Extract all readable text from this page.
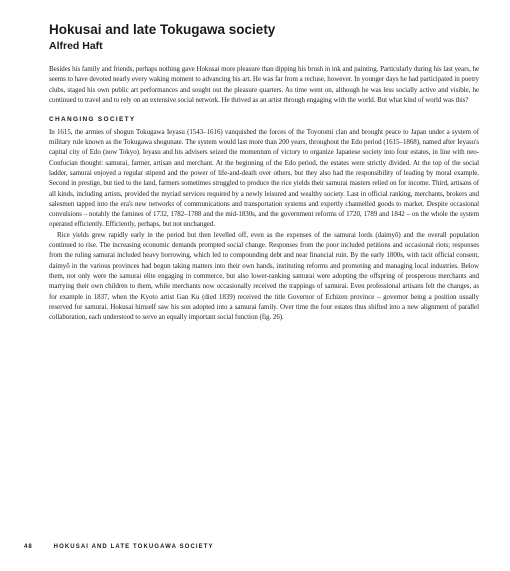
Hokusai and late Tokugawa society
Alfred Haft

Besides his family and friends, perhaps nothing gave Hokusai more pleasure than dipping his brush in ink and painting. Particularly during his last years, he seems to have devoted nearly every waking moment to advancing his art. He was far from a recluse, however. In younger days he had participated in poetry clubs, staged his own public art performances and sought out the pleasure quarters. As time went on, although he was less socially active and visible, he continued to travel and to rely on an extensive social network. He thrived as an artist through engaging with the world. But what kind of world was this?

CHANGING SOCIETY

In 1615, the armies of shogun Tokugawa Ieyasu (1543–1616) vanquished the forces of the Toyotomi clan and brought peace to Japan under a system of military rule known as the Tokugawa shogunate. The system would last more than 200 years, throughout the Edo period (1615–1868), named after Ieyasu's capital city of Edo (now Tokyo). Ieyasu and his advisers seized the momentum of victory to organize Japanese society into four estates, in line with neo-Confucian thought: samurai, farmer, artisan and merchant. At the beginning of the Edo period, the estates were strictly divided. At the top of the social ladder, samurai enjoyed a regular stipend and the power of life-and-death over others, but they also had the responsibility of leading by moral example. Second in prestige, but tied to the land, farmers sometimes struggled to produce the rice yields their samurai masters relied on for income. Third, artisans of all kinds, including artists, provided the myriad services required by a newly leisured and wealthy society. Last in official ranking, merchants, brokers and salesmen tapped into the era's new networks of communications and transportation systems and expertly channelled goods to market. Despite occasional convulsions – notably the famines of 1732, 1782–1788 and the mid-1830s, and the government reforms of 1720, 1789 and 1842 – on the whole the system operated efficiently. Efficiently, perhaps, but not unchanged.

Rice yields grew rapidly early in the period but then levelled off, even as the expenses of the samurai lords (daimyō) and the overall population continued to rise. The increasing economic demands prompted social change. Responses from the poor included petitions and occasional riots; responses from the ruling samurai included heavy borrowing, which led to compounding debt and near financial ruin. By the early 1800s, with tacit official consent, daimyō in the various provinces had begun taking matters into their own hands, instituting reforms and promoting and managing local industries. Below them, not only were the samurai elite engaging in commerce, but also lower-ranking samurai were adopting the offspring of prosperous merchants and marrying their own children to them, while merchants now occasionally received the trappings of samurai. Even professional artisans felt the changes, as for example in 1837, when the Kyoto artist Gan Ku (died 1839) received the title Governor of Echizen province – governor being a position usually reserved for samurai. Hokusai himself saw his son adopted into a samurai family. Over time the four estates thus shifted into a new alignment of parallel collaboration, each understood to serve an equally important social function (fig. 26).

48	HOKUSAI AND LATE TOKUGAWA SOCIETY
